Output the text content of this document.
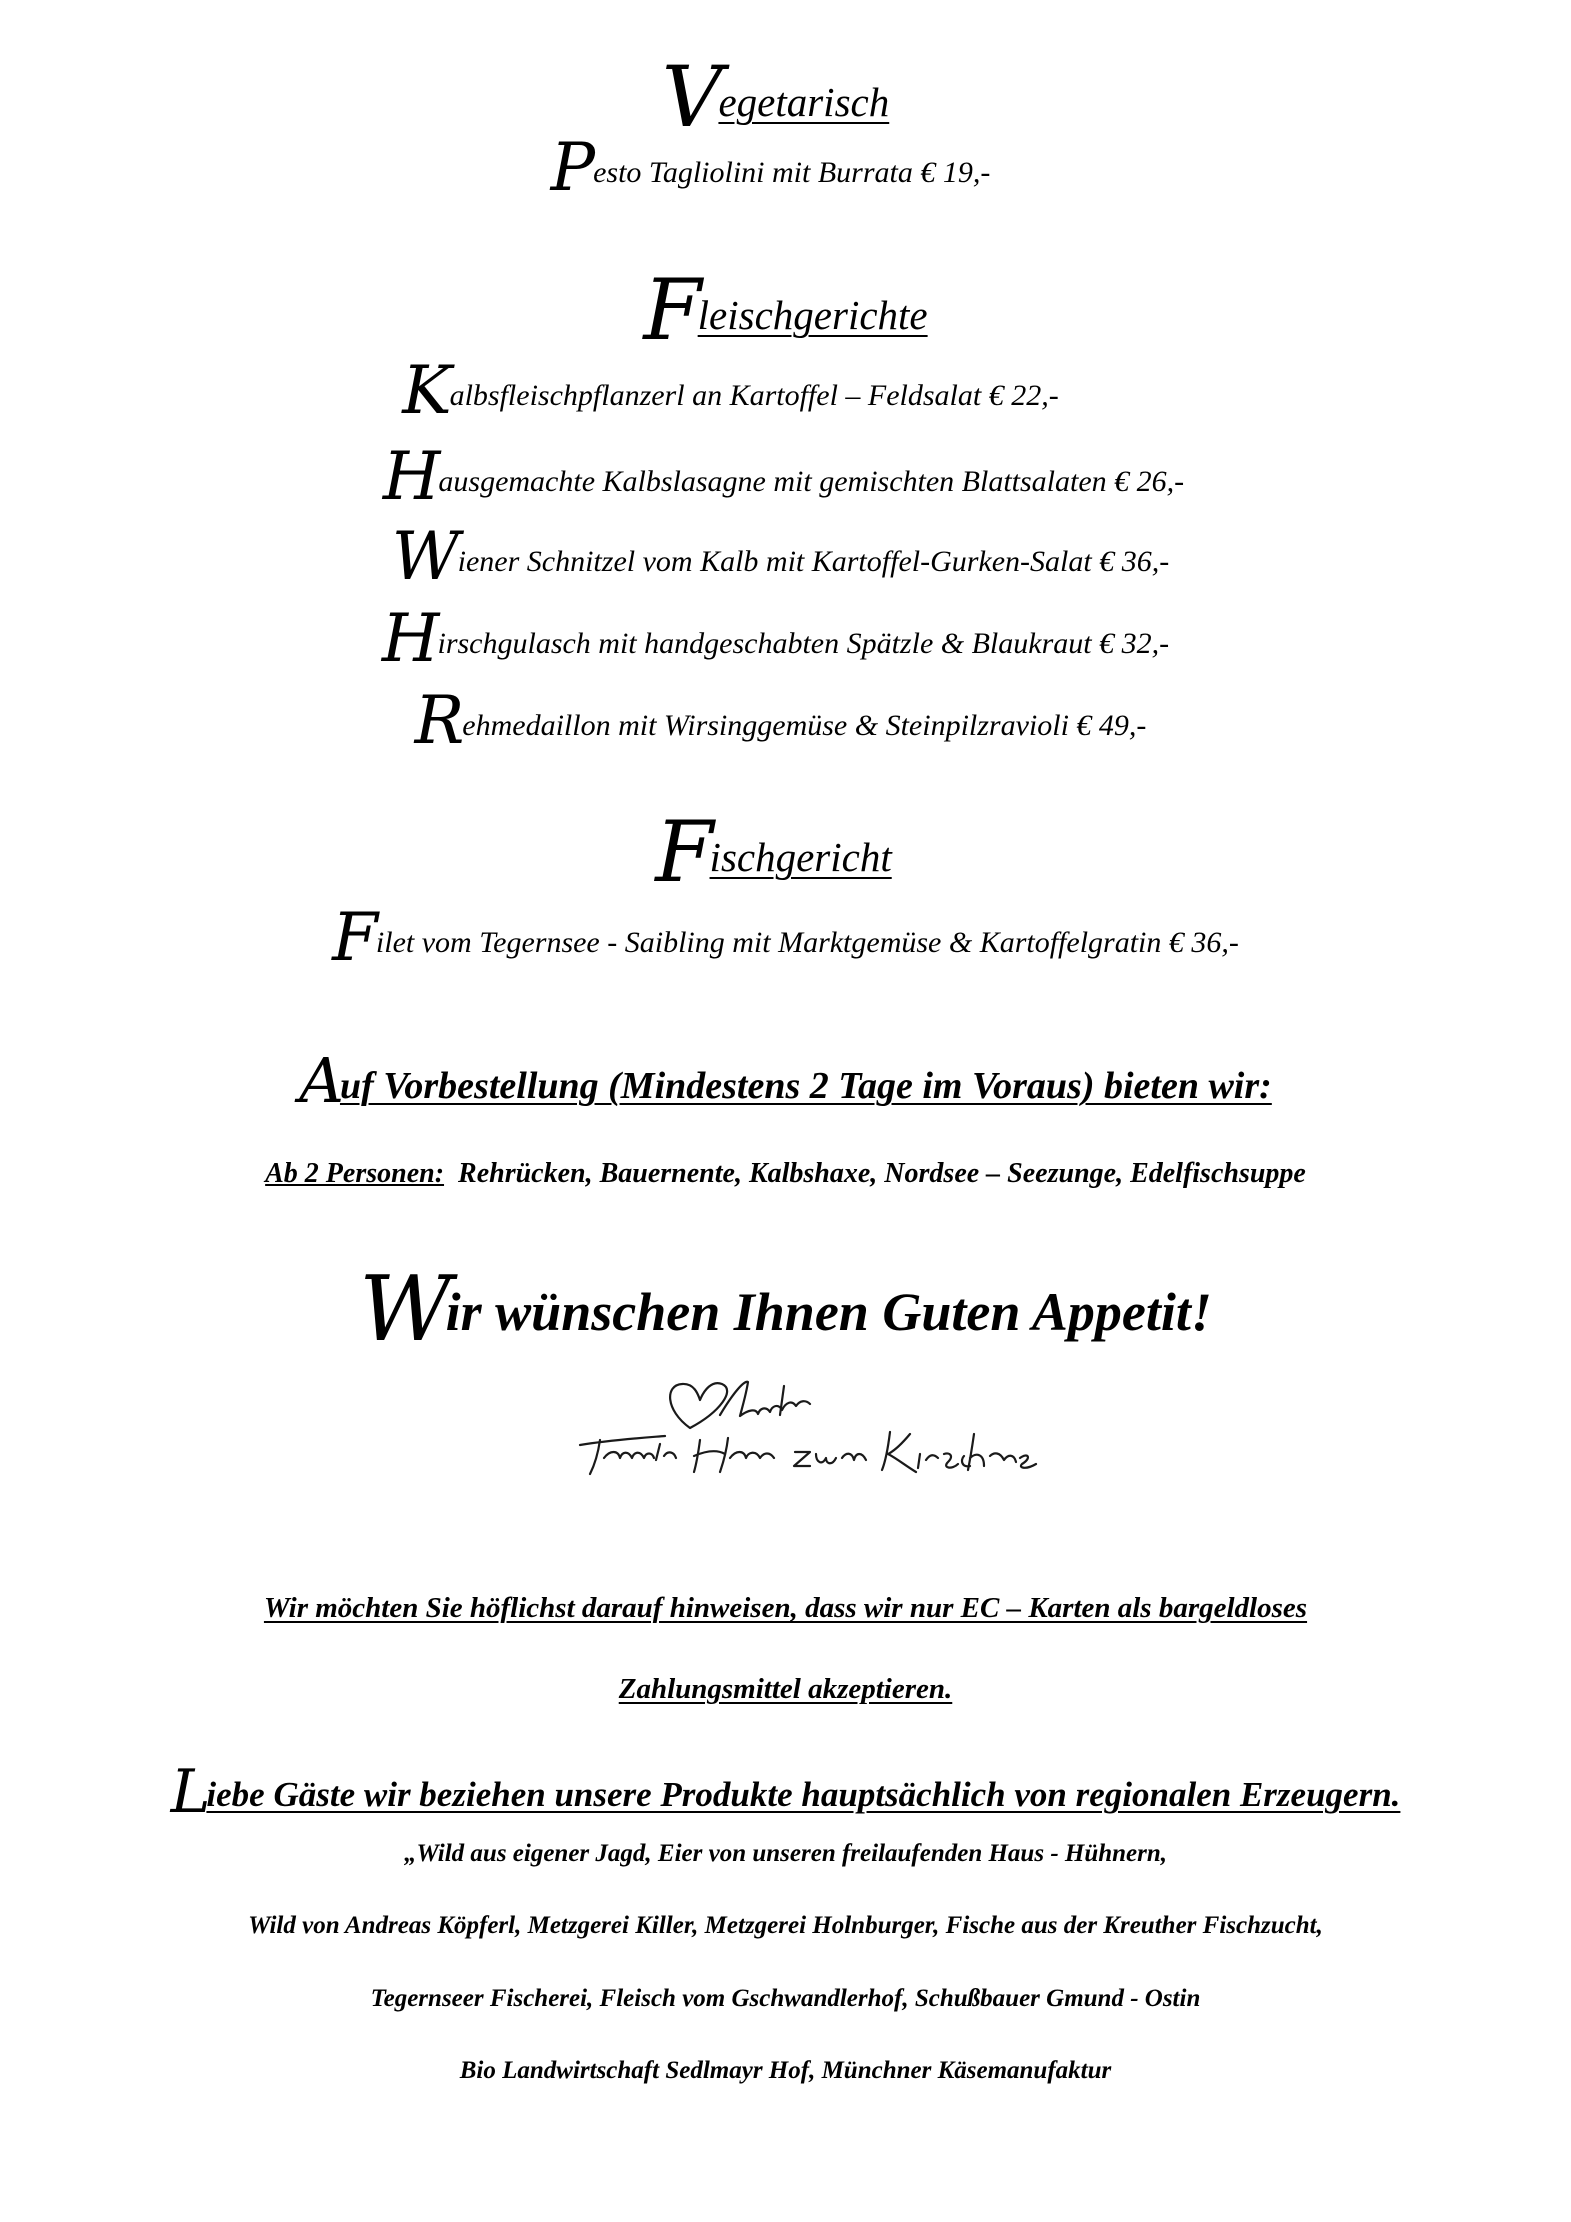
Vegetarisch
Pesto Tagliolini mit Burrata € 19,-
Fleischgerichte
Kalbsfleischpflanzerl an Kartoffel – Feldsalat € 22,-
Hausgemachte Kalbslasagne mit gemischten Blattsalaten € 26,-
Wiener Schnitzel vom Kalb mit Kartoffel-Gurken-Salat € 36,-
Hirschgulasch mit handgeschabten Spätzle & Blaukraut € 32,-
Rehmedaillon mit Wirsinggemüse & Steinpilzravioli € 49,-
Fischgericht
Filet vom Tegernsee - Saibling mit Marktgemüse & Kartoffelgratin € 36,-
Auf Vorbestellung (Mindestens 2 Tage im Voraus) bieten wir:
Ab 2 Personen:  Rehrücken, Bauernente, Kalbshaxe, Nordsee – Seezunge, Edelfischsuppe
Wir wünschen Ihnen Guten Appetit!
Wir möchten Sie höflichst darauf hinweisen, dass wir nur EC – Karten als bargeldloses
Zahlungsmittel akzeptieren.
Liebe Gäste wir beziehen unsere Produkte hauptsächlich von regionalen Erzeugern.
„Wild aus eigener Jagd, Eier von unseren freilaufenden Haus - Hühnern,
Wild von Andreas Köpferl, Metzgerei Killer, Metzgerei Holnburger, Fische aus der Kreuther Fischzucht,
Tegernseer Fischerei, Fleisch vom Gschwandlerhof, Schußbauer Gmund - Ostin
Bio Landwirtschaft Sedlmayr Hof, Münchner Käsemanufaktur
